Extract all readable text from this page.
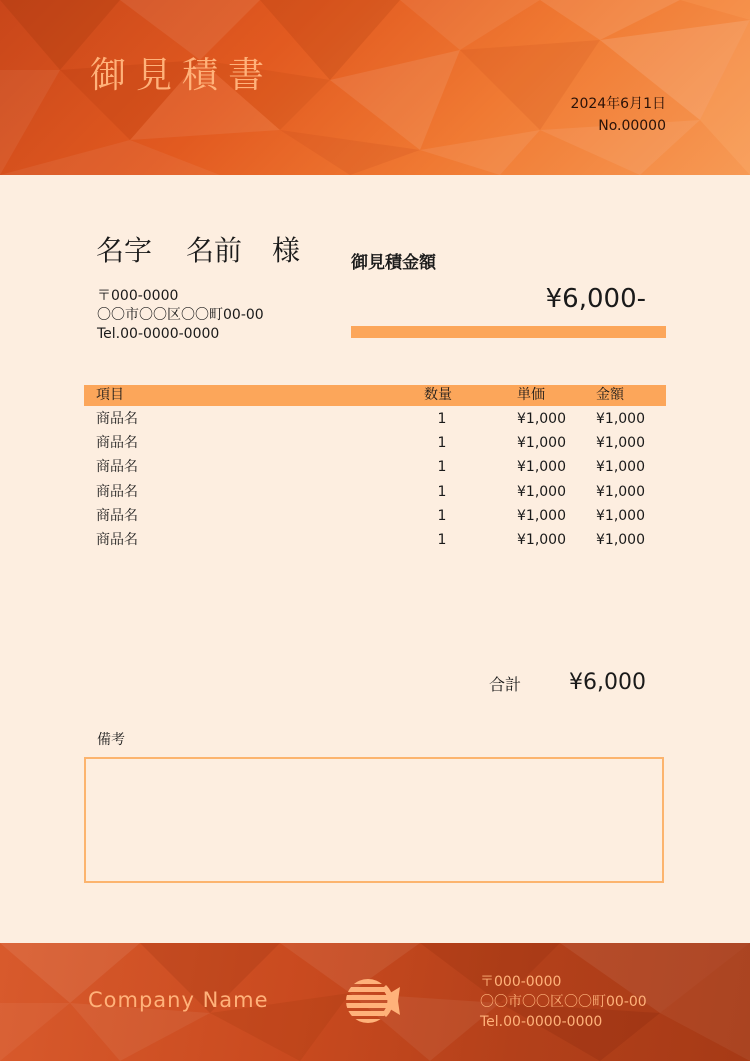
御見積書
2024年6月1日
No.00000
名字 名前 様
〒000-0000
〇〇市〇〇区〇〇町00-00
Tel.00-0000-0000
御見積金額
¥6,000-
項目	数量	単価	金額
商品名	1	¥1,000 ¥1,000
商品名	1	¥1,000 ¥1,000
商品名	1	¥1,000 ¥1,000
商品名	1	¥1,000 ¥1,000
商品名	1	¥1,000 ¥1,000
商品名	1	¥1,000 ¥1,000
合計 ¥6,000
備考
Company Name
〒000-0000
〇〇市〇〇区〇〇町00-00
Tel.00-0000-0000
